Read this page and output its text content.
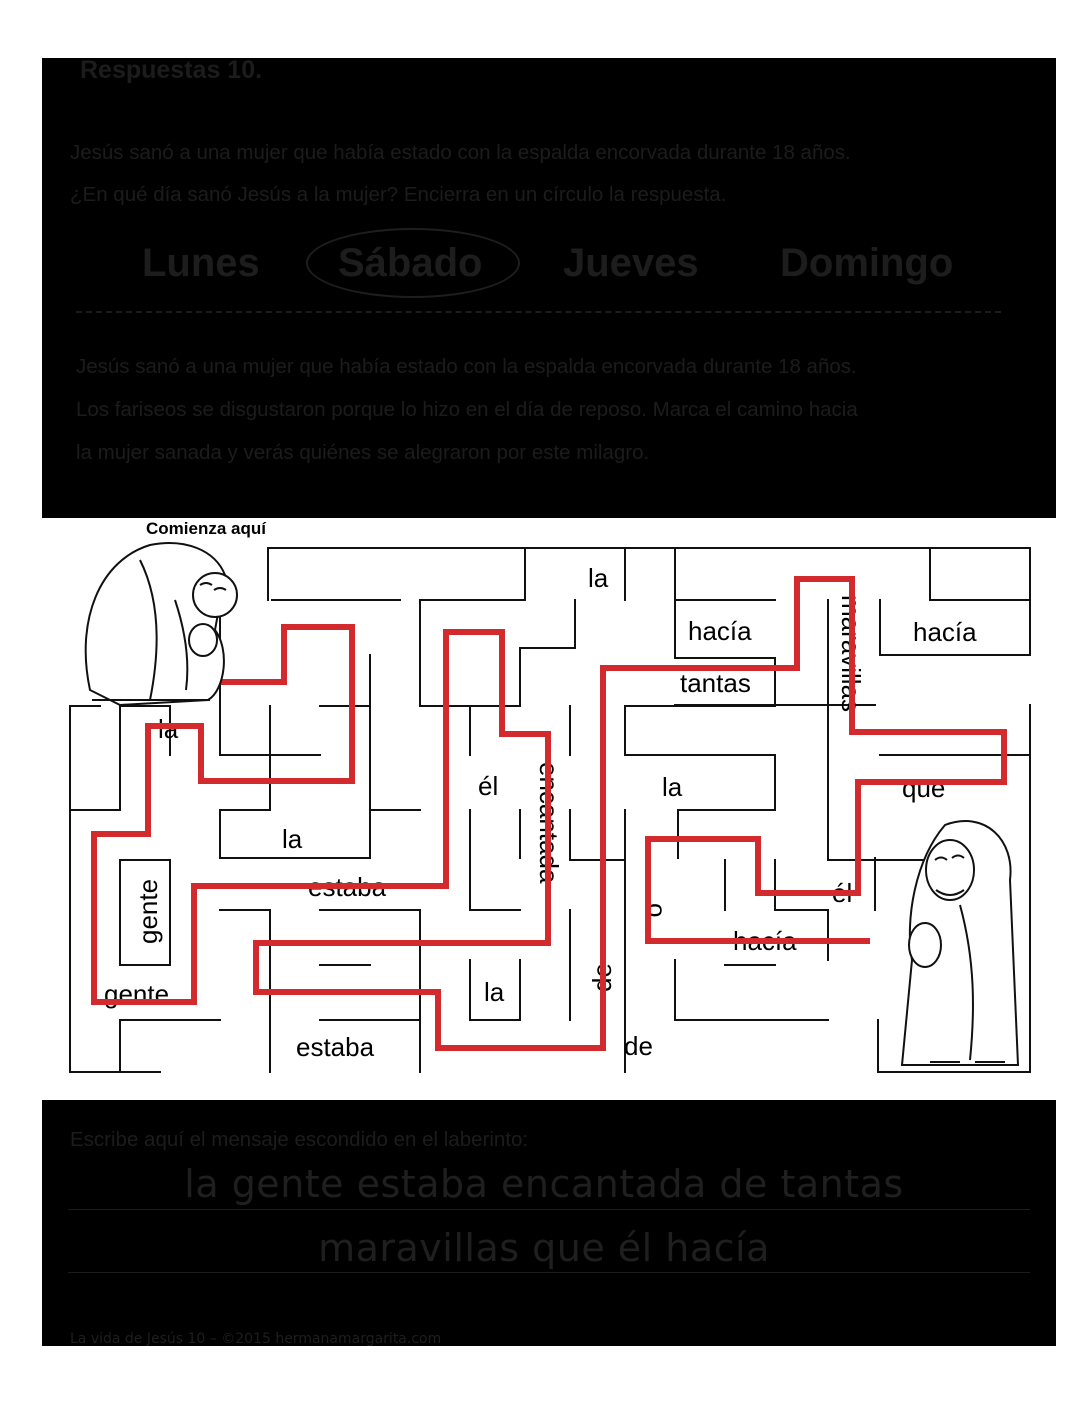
Respuestas 10.
Jesús sanó a una mujer que había estado con la espalda encorvada durante 18 años.
¿En qué día sanó Jesús a la mujer? Encierra en un círculo la respuesta.
Lunes Sábado Jueves Domingo
Jesús sanó a una mujer que había estado con la espalda encorvada durante 18 años.
Los fariseos se disgustaron porque lo hizo en el día de reposo. Marca el camino hacia
la mujer sanada y verás quiénes se alegraron por este milagro.
Comienza aquí
la
hacía	hacía
tantas	maravillas
la
él encantada	la	que
la
gente	estaba	él
o
hacía
gente	la	de
estaba	de
Escribe aquí el mensaje escondido en el laberinto:
la gente estaba encantada de tantas
maravillas que él hacía
La vida de Jesús 10 – ©2015 hermanamargarita.com
